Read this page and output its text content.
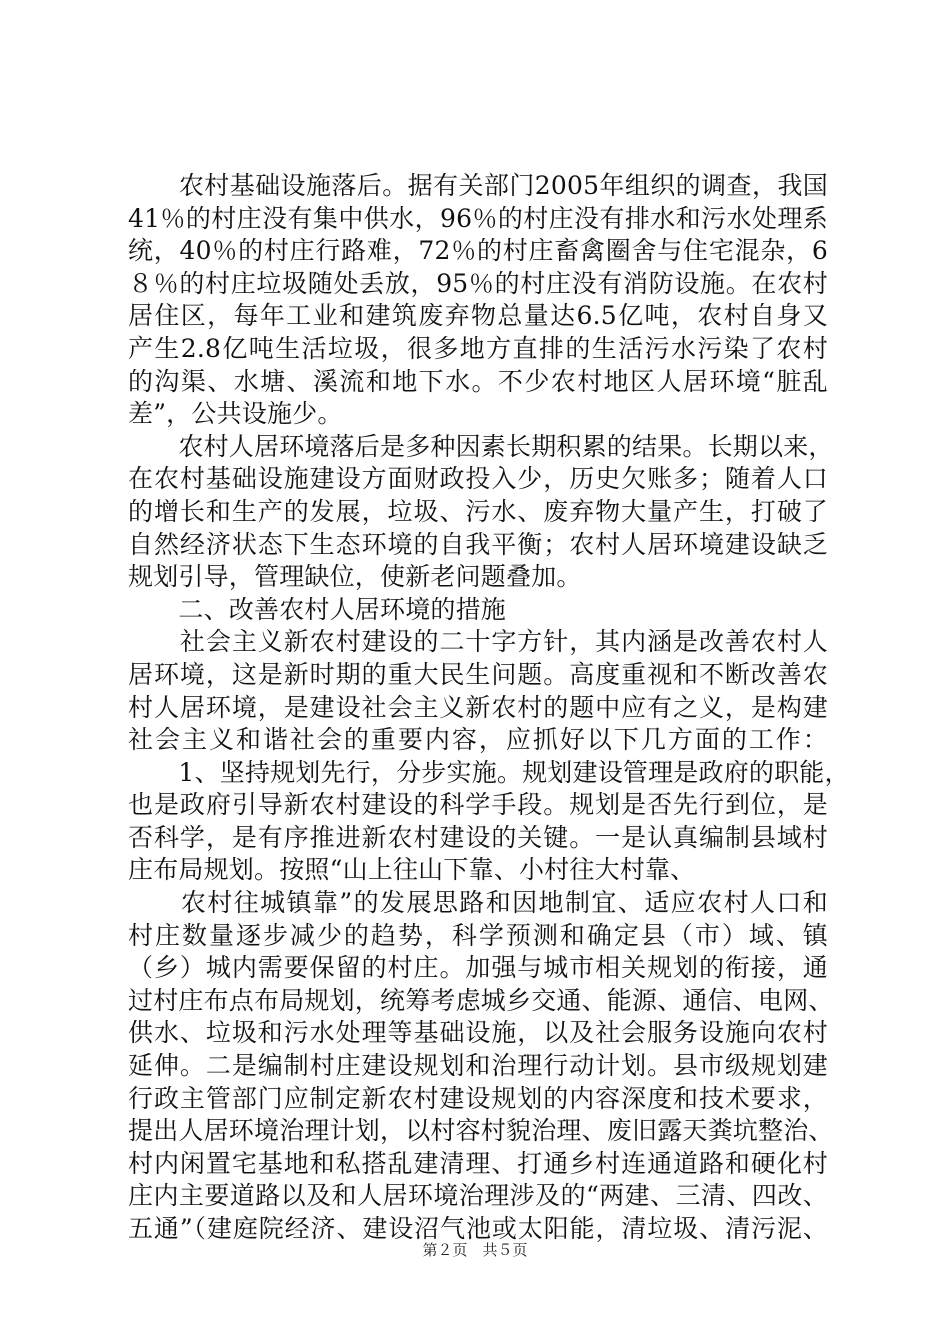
　　农村基础设施落后。据有关部门2005年组织的调查，我国
41％的村庄没有集中供水，96％的村庄没有排水和污水处理系
统，40％的村庄行路难，72％的村庄畜禽圈舍与住宅混杂，6
８％的村庄垃圾随处丢放，95％的村庄没有消防设施。在农村
居住区，每年工业和建筑废弃物总量达6.5亿吨，农村自身又
产生2.8亿吨生活垃圾，很多地方直排的生活污水污染了农村
的沟渠、水塘、溪流和地下水。不少农村地区人居环境“脏乱
差”，公共设施少。
　　农村人居环境落后是多种因素长期积累的结果。长期以来，
在农村基础设施建设方面财政投入少，历史欠账多；随着人口
的增长和生产的发展，垃圾、污水、废弃物大量产生，打破了
自然经济状态下生态环境的自我平衡；农村人居环境建设缺乏
规划引导，管理缺位，使新老问题叠加。
　　二、改善农村人居环境的措施
　　社会主义新农村建设的二十字方针，其内涵是改善农村人
居环境，这是新时期的重大民生问题。高度重视和不断改善农
村人居环境，是建设社会主义新农村的题中应有之义，是构建
社会主义和谐社会的重要内容，应抓好以下几方面的工作：
　　1、坚持规划先行，分步实施。规划建设管理是政府的职能，
也是政府引导新农村建设的科学手段。规划是否先行到位，是
否科学，是有序推进新农村建设的关键。一是认真编制县域村
庄布局规划。按照“山上往山下靠、小村往大村靠、
　　农村往城镇靠”的发展思路和因地制宜、适应农村人口和
村庄数量逐步减少的趋势，科学预测和确定县（市）域、镇
（乡）城内需要保留的村庄。加强与城市相关规划的衔接，通
过村庄布点布局规划，统筹考虑城乡交通、能源、通信、电网、
供水、垃圾和污水处理等基础设施，以及社会服务设施向农村
延伸。二是编制村庄建设规划和治理行动计划。县市级规划建
行政主管部门应制定新农村建设规划的内容深度和技术要求，
提出人居环境治理计划，以村容村貌治理、废旧露天粪坑整治、
村内闲置宅基地和私搭乱建清理、打通乡村连通道路和硬化村
庄内主要道路以及和人居环境治理涉及的“两建、三清、四改、
五通”（建庭院经济、建设沼气池或太阳能，清垃圾、清污泥、
第２页　共５页
